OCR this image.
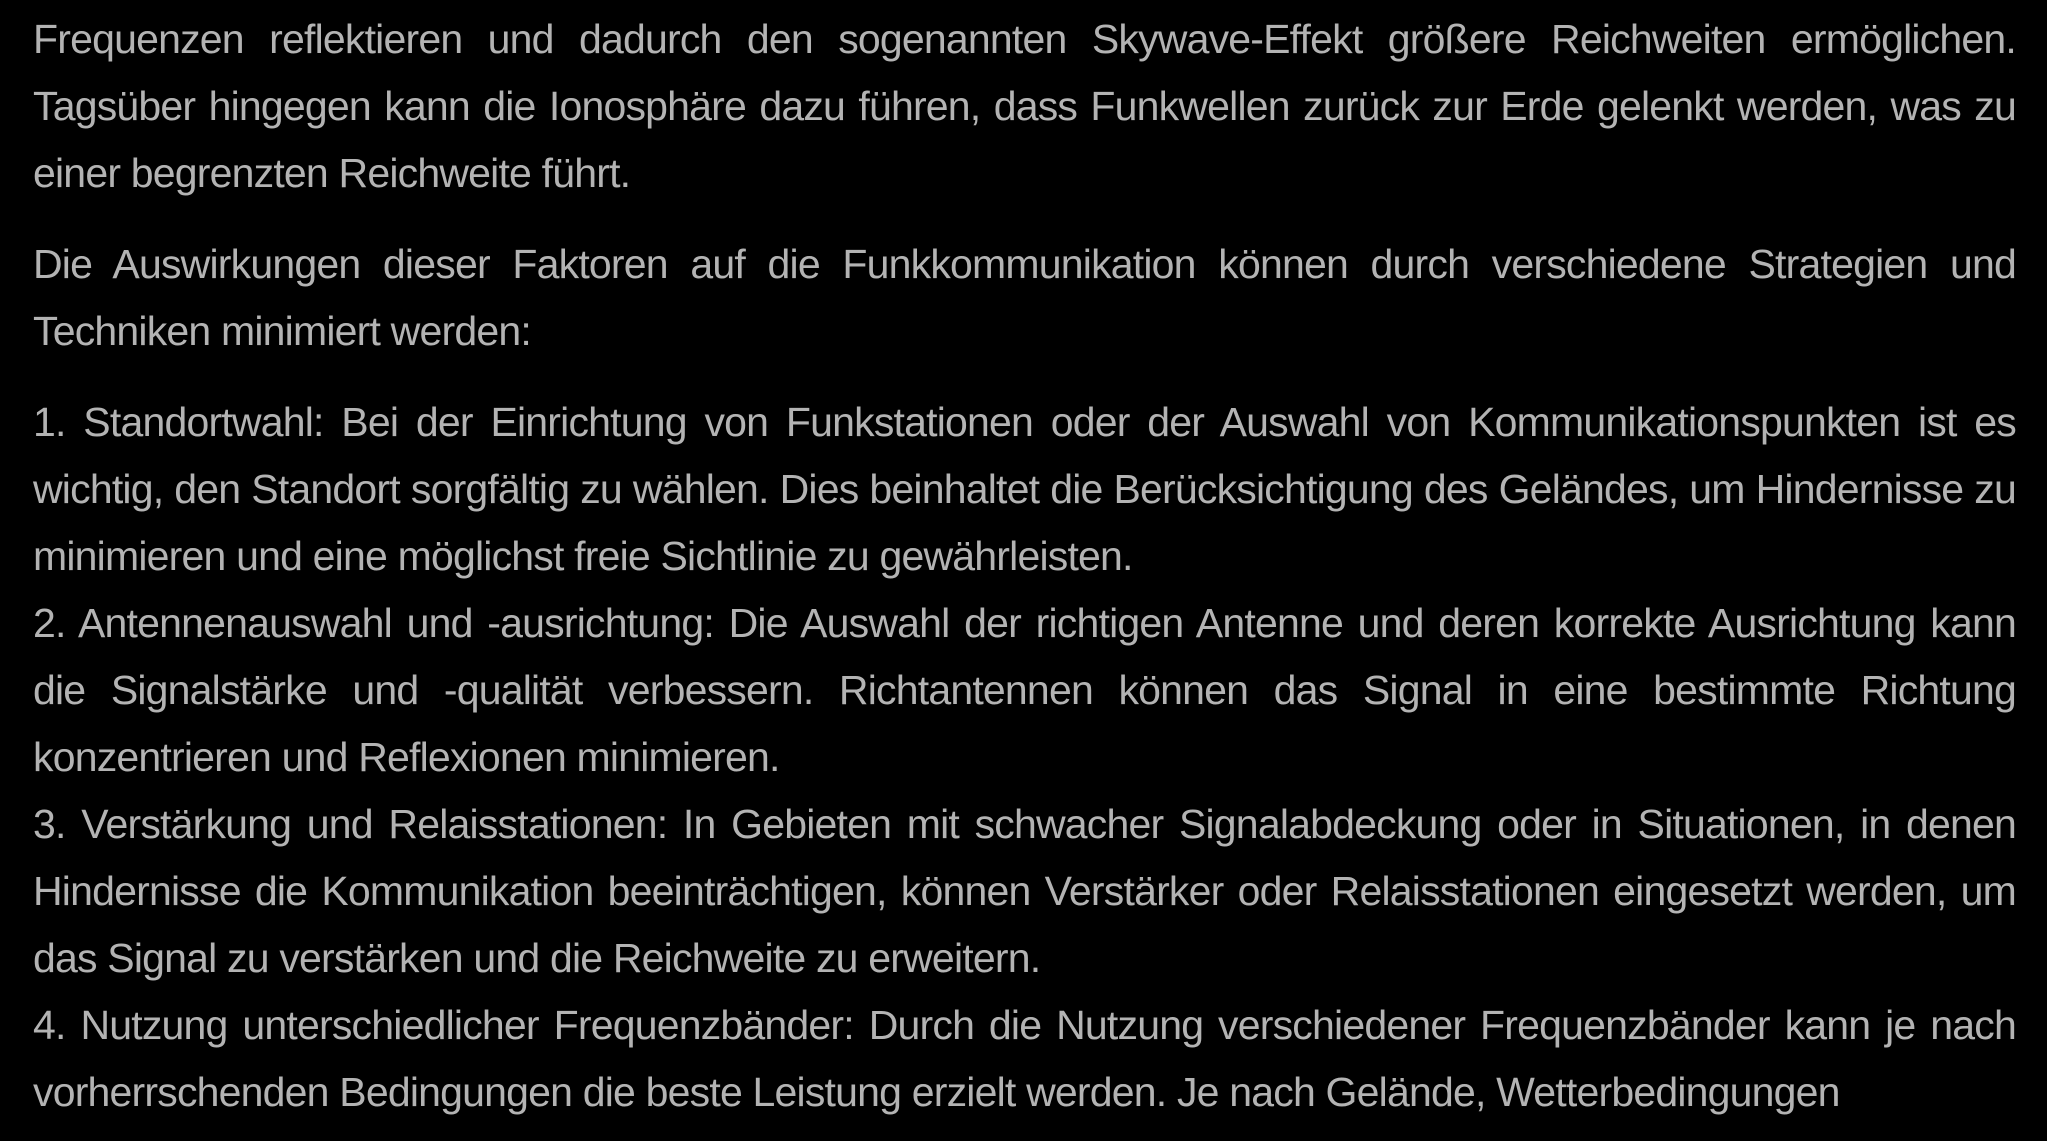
Frequenzen reflektieren und dadurch den sogenannten Skywave-Effekt größere Reichweiten ermöglichen. Tagsüber hingegen kann die Ionosphäre dazu führen, dass Funkwellen zurück zur Erde gelenkt werden, was zu einer begrenzten Reichweite führt.

Die Auswirkungen dieser Faktoren auf die Funkkommunikation können durch verschiedene Strategien und Techniken minimiert werden:

1. Standortwahl: Bei der Einrichtung von Funkstationen oder der Auswahl von Kommunikationspunkten ist es wichtig, den Standort sorgfältig zu wählen. Dies beinhaltet die Berücksichtigung des Geländes, um Hindernisse zu minimieren und eine möglichst freie Sichtlinie zu gewährleisten.

2. Antennenauswahl und -ausrichtung: Die Auswahl der richtigen Antenne und deren korrekte Ausrichtung kann die Signalstärke und -qualität verbessern. Richtantennen können das Signal in eine bestimmte Richtung konzentrieren und Reflexionen minimieren.

3. Verstärkung und Relaisstationen: In Gebieten mit schwacher Signalabdeckung oder in Situationen, in denen Hindernisse die Kommunikation beeinträchtigen, können Verstärker oder Relaisstationen eingesetzt werden, um das Signal zu verstärken und die Reichweite zu erweitern.

4. Nutzung unterschiedlicher Frequenzbänder: Durch die Nutzung verschiedener Frequenzbänder kann je nach vorherrschenden Bedingungen die beste Leistung erzielt werden. Je nach Gelände, Wetterbedingungen
